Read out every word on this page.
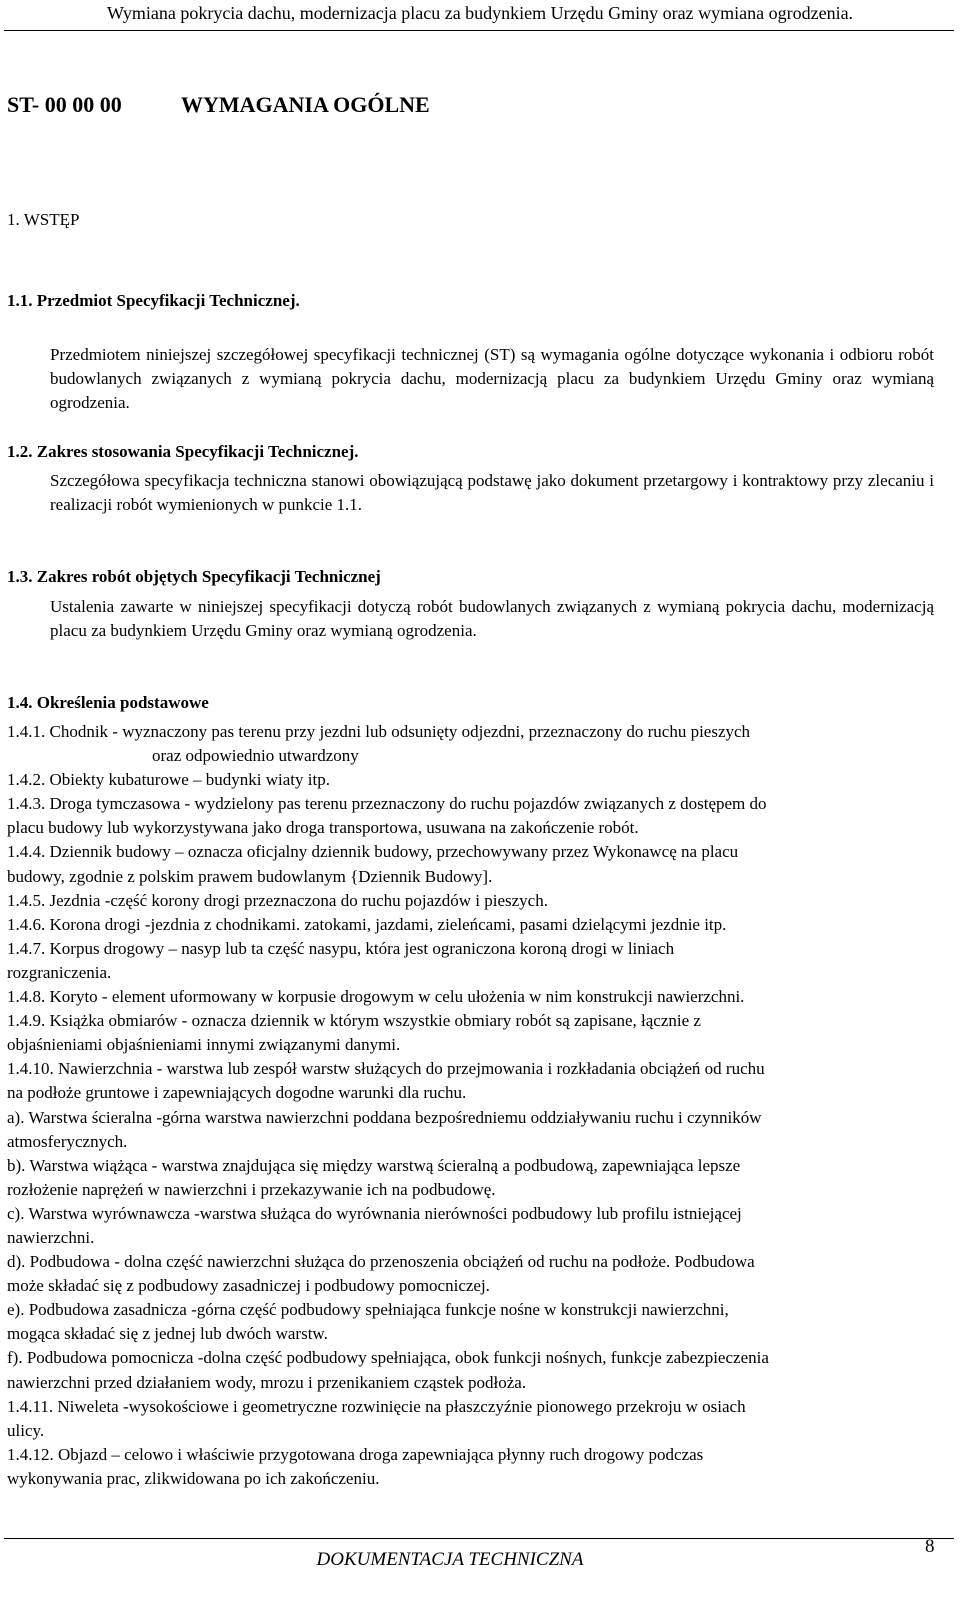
Wymiana pokrycia dachu, modernizacja placu za budynkiem Urzędu Gminy oraz wymiana ogrodzenia.
ST- 00 00 00	WYMAGANIA OGÓLNE
1. WSTĘP
1.1. Przedmiot Specyfikacji Technicznej.
Przedmiotem niniejszej szczegółowej specyfikacji technicznej (ST) są wymagania ogólne dotyczące wykonania i odbioru robót budowlanych związanych z wymianą pokrycia dachu, modernizacją placu za budynkiem Urzędu Gminy oraz wymianą ogrodzenia.
1.2. Zakres stosowania Specyfikacji Technicznej.
Szczegółowa specyfikacja techniczna stanowi obowiązującą podstawę jako dokument przetargowy i kontraktowy przy zlecaniu i realizacji robót wymienionych w punkcie 1.1.
1.3. Zakres robót objętych Specyfikacji Technicznej
Ustalenia zawarte w niniejszej specyfikacji dotyczą robót budowlanych związanych z wymianą pokrycia dachu, modernizacją placu za budynkiem Urzędu Gminy oraz wymianą ogrodzenia.
1.4. Określenia podstawowe
1.4.1. Chodnik - wyznaczony pas terenu przy jezdni lub odsunięty odjezdni, przeznaczony do ruchu pieszych
oraz odpowiednio utwardzony
1.4.2. Obiekty kubaturowe – budynki wiaty itp.
1.4.3. Droga tymczasowa - wydzielony pas terenu przeznaczony do ruchu pojazdów związanych z dostępem do
placu budowy lub wykorzystywana jako droga transportowa, usuwana na zakończenie robót.
1.4.4. Dziennik budowy – oznacza oficjalny dziennik budowy, przechowywany przez Wykonawcę na placu
budowy, zgodnie z polskim prawem budowlanym {Dziennik Budowy].
1.4.5. Jezdnia -część korony drogi przeznaczona do ruchu pojazdów i pieszych.
1.4.6. Korona drogi -jezdnia z chodnikami. zatokami, jazdami, zieleńcami, pasami dzielącymi jezdnie itp.
1.4.7. Korpus drogowy – nasyp lub ta część nasypu, która jest ograniczona koroną drogi w liniach
rozgraniczenia.
1.4.8. Koryto - element uformowany w korpusie drogowym w celu ułożenia w nim konstrukcji nawierzchni.
1.4.9. Książka obmiarów - oznacza dziennik w którym wszystkie obmiary robót są zapisane, łącznie z
objaśnieniami objaśnieniami innymi związanymi danymi.
1.4.10. Nawierzchnia - warstwa lub zespół warstw służących do przejmowania i rozkładania obciążeń od ruchu
na podłoże gruntowe i zapewniających dogodne warunki dla ruchu.
a). Warstwa ścieralna -górna warstwa nawierzchni poddana bezpośredniemu oddziaływaniu ruchu i czynników
atmosferycznych.
b). Warstwa wiążąca - warstwa znajdująca się między warstwą ścieralną a podbudową, zapewniająca lepsze
rozłożenie naprężeń w nawierzchni i przekazywanie ich na podbudowę.
c). Warstwa wyrównawcza -warstwa służąca do wyrównania nierówności podbudowy lub profilu istniejącej
nawierzchni.
d). Podbudowa - dolna część nawierzchni służąca do przenoszenia obciążeń od ruchu na podłoże. Podbudowa
może składać się z podbudowy zasadniczej i podbudowy pomocniczej.
e). Podbudowa zasadnicza -górna część podbudowy spełniająca funkcje nośne w konstrukcji nawierzchni,
mogąca składać się z jednej lub dwóch warstw.
f). Podbudowa pomocnicza -dolna część podbudowy spełniająca, obok funkcji nośnych, funkcje zabezpieczenia
nawierzchni przed działaniem wody, mrozu i przenikaniem cząstek podłoża.
1.4.11. Niweleta -wysokościowe i geometryczne rozwinięcie na płaszczyźnie pionowego przekroju w osiach
ulicy.
1.4.12. Objazd – celowo i właściwie przygotowana droga zapewniająca płynny ruch drogowy podczas
wykonywania prac, zlikwidowana po ich zakończeniu.
DOKUMENTACJA TECHNICZNA
8
